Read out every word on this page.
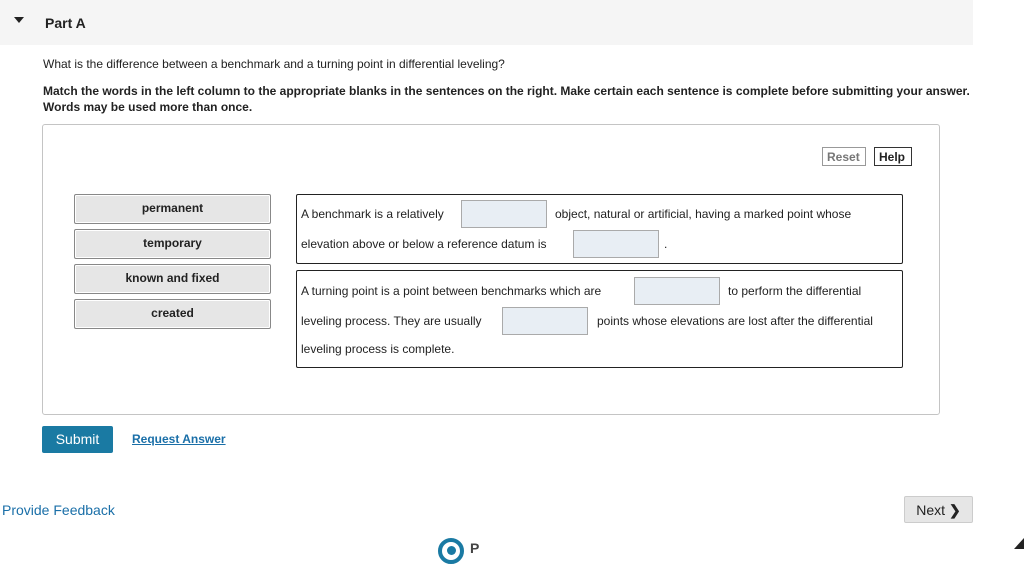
Part A
What is the difference between a benchmark and a turning point in differential leveling?
Match the words in the left column to the appropriate blanks in the sentences on the right. Make certain each sentence is complete before submitting your answer. Words may be used more than once.
Reset	Help
permanent
temporary
known and fixed
created
A benchmark is a relatively	object, natural or artificial, having a marked point whose
elevation above or below a reference datum is	.
A turning point is a point between benchmarks which are	to perform the differential
leveling process. They are usually	points whose elevations are lost after the differential
leveling process is complete.
Submit	Request Answer
Provide Feedback	Next ❯
P
